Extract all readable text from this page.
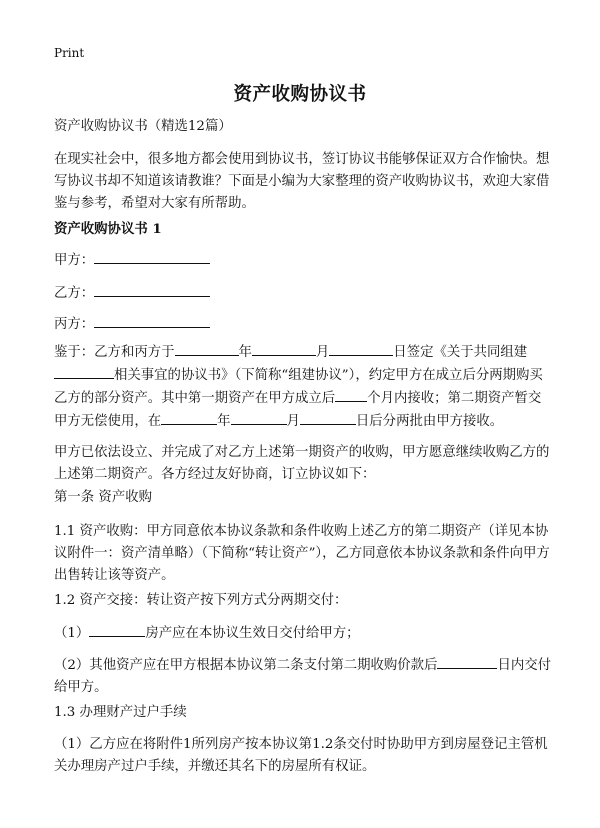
Print
资产收购协议书
资产收购协议书（精选12篇）
在现实社会中，很多地方都会使用到协议书，签订协议书能够保证双方合作愉快。想写协议书却不知道该请教谁？下面是小编为大家整理的资产收购协议书，欢迎大家借鉴与参考，希望对大家有所帮助。
资产收购协议书 1
甲方：
乙方：
丙方：
鉴于：乙方和丙方于	年	月	日签定《关于共同组建相关事宜的协议书》（下简称“组建协议”），约定甲方在成立后分两期购买乙方的部分资产。其中第一期资产在甲方成立后 个月内接收；第二期资产暂交甲方无偿使用，在	年	月	日后分两批由甲方接收。
甲方已依法设立、并完成了对乙方上述第一期资产的收购，甲方愿意继续收购乙方的上述第二期资产。各方经过友好协商，订立协议如下：
第一条 资产收购
1.1 资产收购：甲方同意依本协议条款和条件收购上述乙方的第二期资产（详见本协议附件一：资产清单略）（下简称“转让资产”），乙方同意依本协议条款和条件向甲方出售转让该等资产。
1.2 资产交接：转让资产按下列方式分两期交付：
（1）	房产应在本协议生效日交付给甲方；
（2）其他资产应在甲方根据本协议第二条支付第二期收购价款后	日内交付给甲方。
1.3 办理财产过户手续
（1）乙方应在将附件1所列房产按本协议第1.2条交付时协助甲方到房屋登记主管机关办理房产过户手续，并缴还其名下的房屋所有权证。
